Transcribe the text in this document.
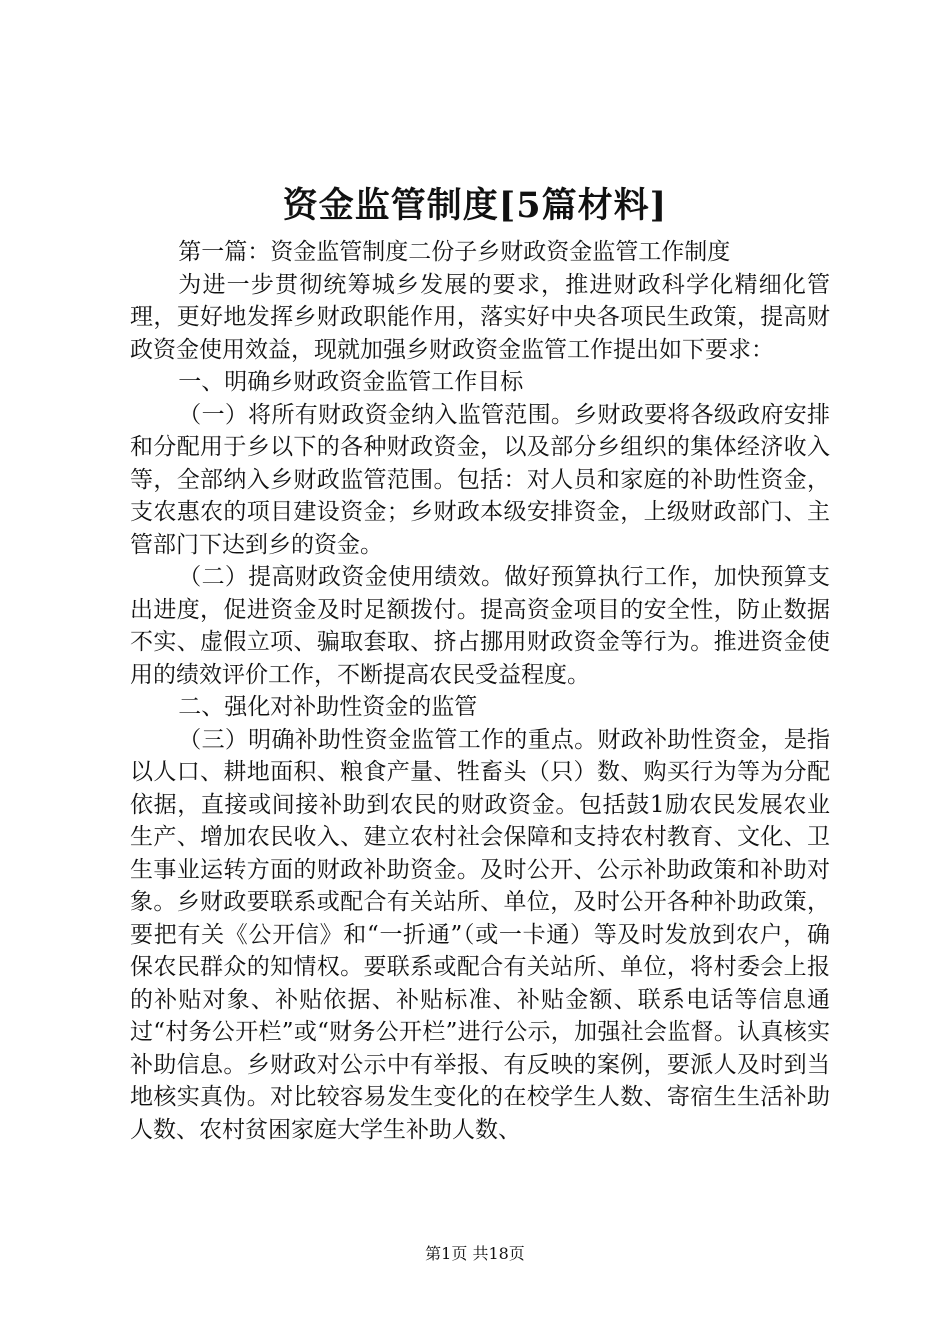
资金监管制度[5篇材料]

第一篇：资金监管制度二份子乡财政资金监管工作制度

为进一步贯彻统筹城乡发展的要求，推进财政科学化精细化管理，更好地发挥乡财政职能作用，落实好中央各项民生政策，提高财政资金使用效益，现就加强乡财政资金监管工作提出如下要求：

一、明确乡财政资金监管工作目标

（一）将所有财政资金纳入监管范围。乡财政要将各级政府安排和分配用于乡以下的各种财政资金，以及部分乡组织的集体经济收入等，全部纳入乡财政监管范围。包括：对人员和家庭的补助性资金，支农惠农的项目建设资金；乡财政本级安排资金，上级财政部门、主管部门下达到乡的资金。

（二）提高财政资金使用绩效。做好预算执行工作，加快预算支出进度，促进资金及时足额拨付。提高资金项目的安全性，防止数据不实、虚假立项、骗取套取、挤占挪用财政资金等行为。推进资金使用的绩效评价工作，不断提高农民受益程度。

二、强化对补助性资金的监管

（三）明确补助性资金监管工作的重点。财政补助性资金，是指以人口、耕地面积、粮食产量、牲畜头（只）数、购买行为等为分配依据，直接或间接补助到农民的财政资金。包括鼓1励农民发展农业生产、增加农民收入、建立农村社会保障和支持农村教育、文化、卫生事业运转方面的财政补助资金。及时公开、公示补助政策和补助对象。乡财政要联系或配合有关站所、单位，及时公开各种补助政策，要把有关《公开信》和“一折通”（或一卡通）等及时发放到农户，确保农民群众的知情权。要联系或配合有关站所、单位，将村委会上报的补贴对象、补贴依据、补贴标准、补贴金额、联系电话等信息通过“村务公开栏”或“财务公开栏”进行公示，加强社会监督。认真核实补助信息。乡财政对公示中有举报、有反映的案例，要派人及时到当地核实真伪。对比较容易发生变化的在校学生人数、寄宿生生活补助人数、农村贫困家庭大学生补助人数、

第1页 共18页
